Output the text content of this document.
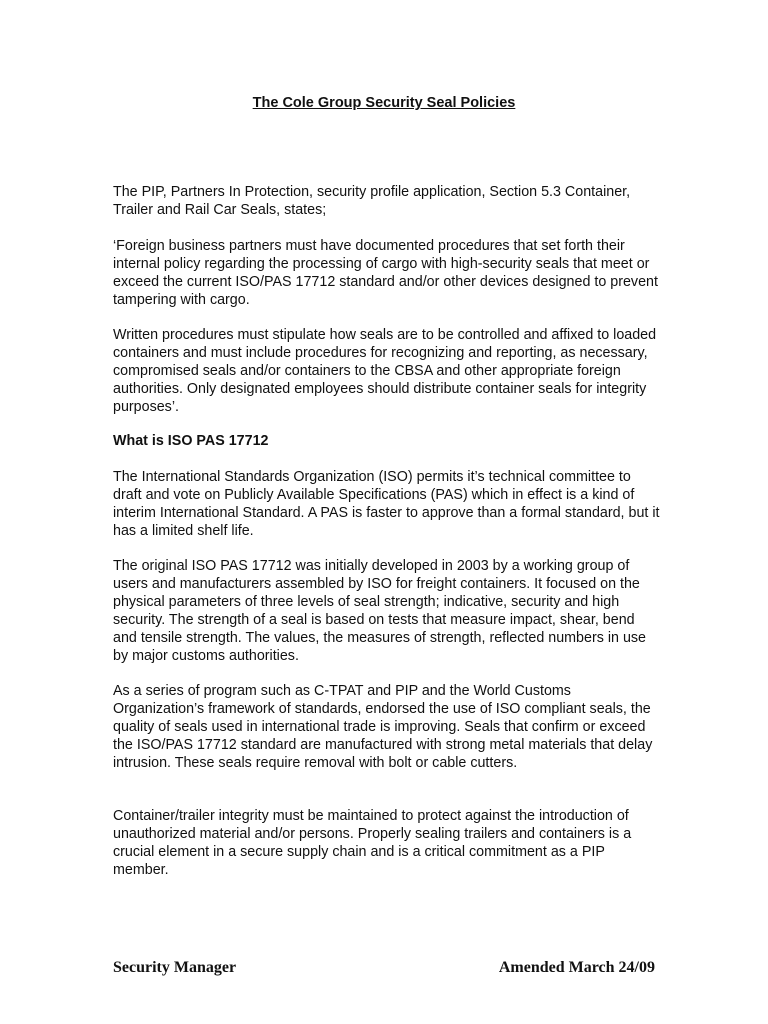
The Cole Group Security Seal Policies

The PIP, Partners In Protection, security profile application, Section 5.3 Container, Trailer and Rail Car Seals, states;

‘Foreign business partners must have documented procedures that set forth their internal policy regarding the processing of cargo with high-security seals that meet or exceed the current ISO/PAS 17712 standard and/or other devices designed to prevent tampering with cargo.

Written procedures must stipulate how seals are to be controlled and affixed to loaded containers and must include procedures for recognizing and reporting, as necessary, compromised seals and/or containers to the CBSA and other appropriate foreign authorities. Only designated employees should distribute container seals for integrity purposes’.

What is ISO PAS 17712

The International Standards Organization (ISO) permits it’s technical committee to draft and vote on Publicly Available Specifications (PAS) which in effect is a kind of interim International Standard. A PAS is faster to approve than a formal standard, but it has a limited shelf life.

The original ISO PAS 17712 was initially developed in 2003 by a working group of users and manufacturers assembled by ISO for freight containers. It focused on the physical parameters of three levels of seal strength; indicative, security and high security. The strength of a seal is based on tests that measure impact, shear, bend and tensile strength. The values, the measures of strength, reflected numbers in use by major customs authorities.

As a series of program such as C-TPAT and PIP and the World Customs Organization’s framework of standards, endorsed the use of ISO compliant seals, the quality of seals used in international trade is improving. Seals that confirm or exceed the ISO/PAS 17712 standard are manufactured with strong metal materials that delay intrusion. These seals require removal with bolt or cable cutters.

Container/trailer integrity must be maintained to protect against the introduction of unauthorized material and/or persons. Properly sealing trailers and containers is a crucial element in a secure supply chain and is a critical commitment as a PIP member.

Security Manager	Amended March 24/09
